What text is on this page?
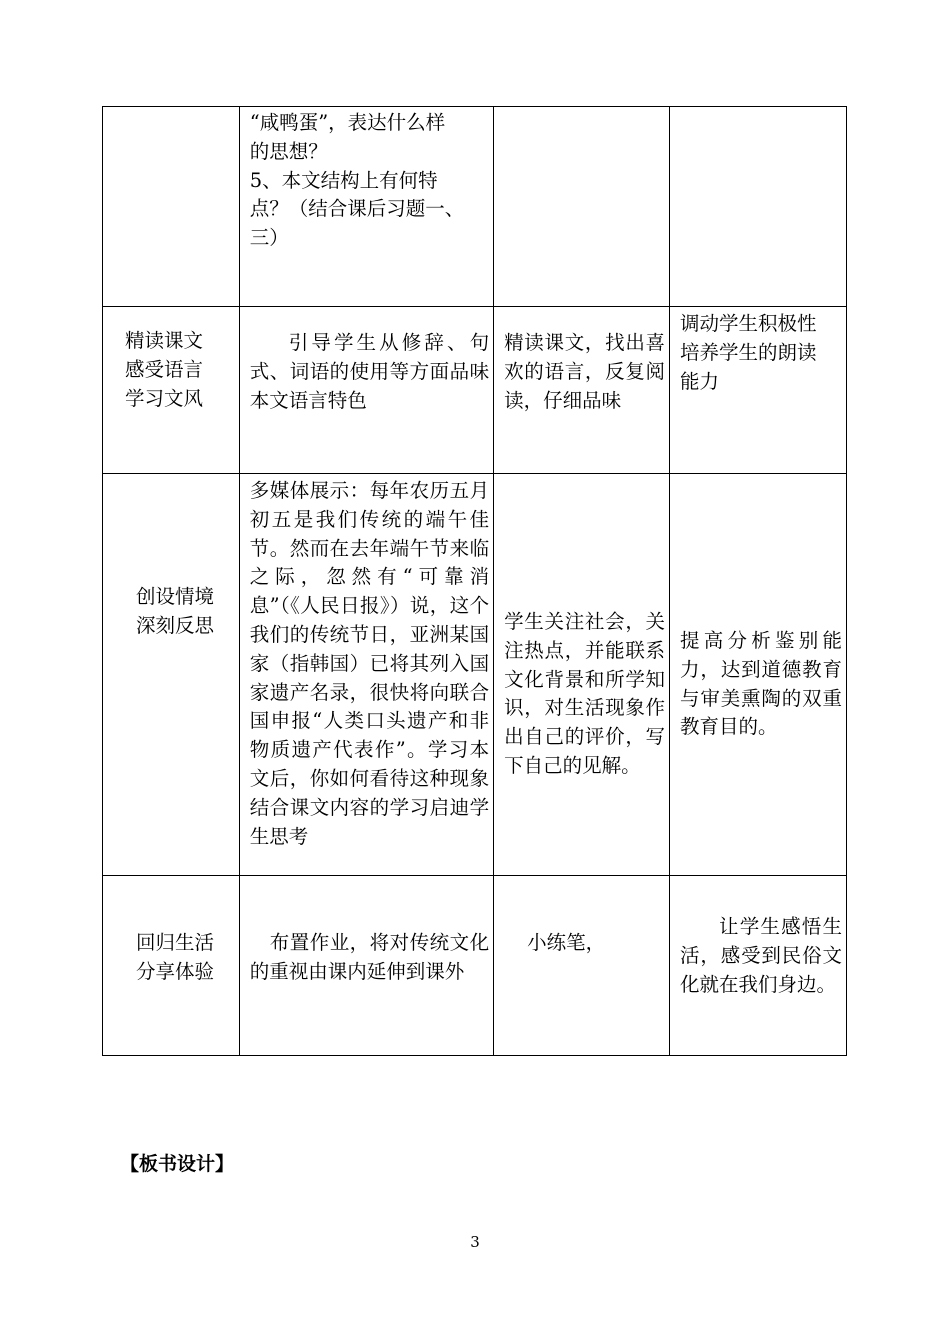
	“咸鸭蛋”，表达什么样
的思想？
5、本文结构上有何特
点？（结合课后习题一、
三）		

精读课文
感受语言
学习文风	引导学生从修辞、句式、词语的使用等方面品味本文语言特色	精读课文，找出喜欢的语言，反复阅读，仔细品味	调动学生积极性
培养学生的朗读
能力

创设情境
深刻反思	多媒体展示：每年农历五月初五是我们传统的端午佳节。然而在去年端午节来临之际，忽然有“可靠消息”（《人民日报》）说，这个我们的传统节日，亚洲某国家（指韩国）已将其列入国家遗产名录，很快将向联合国申报“人类口头遗产和非物质遗产代表作”。学习本文后，你如何看待这种现象结合课文内容的学习启迪学生思考	学生关注社会，关注热点，并能联系文化背景和所学知识，对生活现象作出自己的评价，写下自己的见解。	提高分析鉴别能力，达到道德教育与审美熏陶的双重教育目的。

回归生活
分享体验	布置作业，将对传统文化的重视由课内延伸到课外	小练笔，	让学生感悟生活，感受到民俗文化就在我们身边。
【板书设计】
3
